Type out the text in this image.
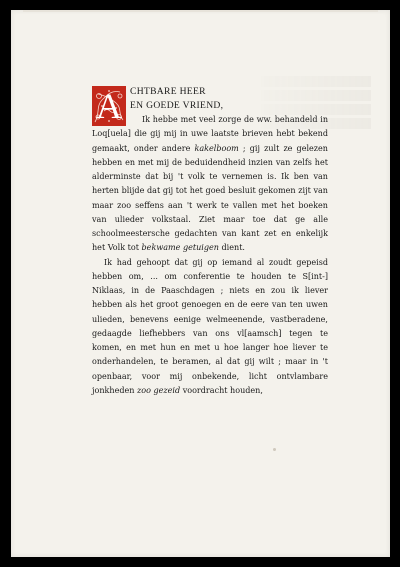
A CHTBARE HEER
EN GOEDE VRIEND,

Ik hebbe met veel zorge de ww. behandeld in Loq[uela] die gij mij in uwe laatste brieven hebt bekend gemaakt, onder andere kakelboom ; gij zult ze gelezen hebben en met mij de beduidendheid inzien van zelfs het alderminste dat bij 't volk te vernemen is. Ik ben van herten blijde dat gij tot het goed besluit gekomen zijt van maar zoo seffens aan 't werk te vallen met het boeken van ulieder volkstaal. Ziet maar toe dat ge alle schoolmeestersche gedachten van kant zet en enkelijk het Volk tot bekwame getuigen dient.

Ik had gehoopt dat gij op iemand al zoudt gepeisd hebben om, ... om conferentie te houden te S[int-] Niklaas, in de Paaschdagen ; niets en zou ik liever hebben als het groot genoegen en de eere van ten uwen ulieden, benevens eenige welmeenende, vastberadene, gedaagde liefhebbers van ons vl[aamsch] tegen te komen, en met hun en met u hoe langer hoe liever te onderhandelen, te beramen, al dat gij wilt ; maar in 't openbaar, voor mij onbekende, licht ontvlambare jonkheden zoo gezeid voordracht houden,
